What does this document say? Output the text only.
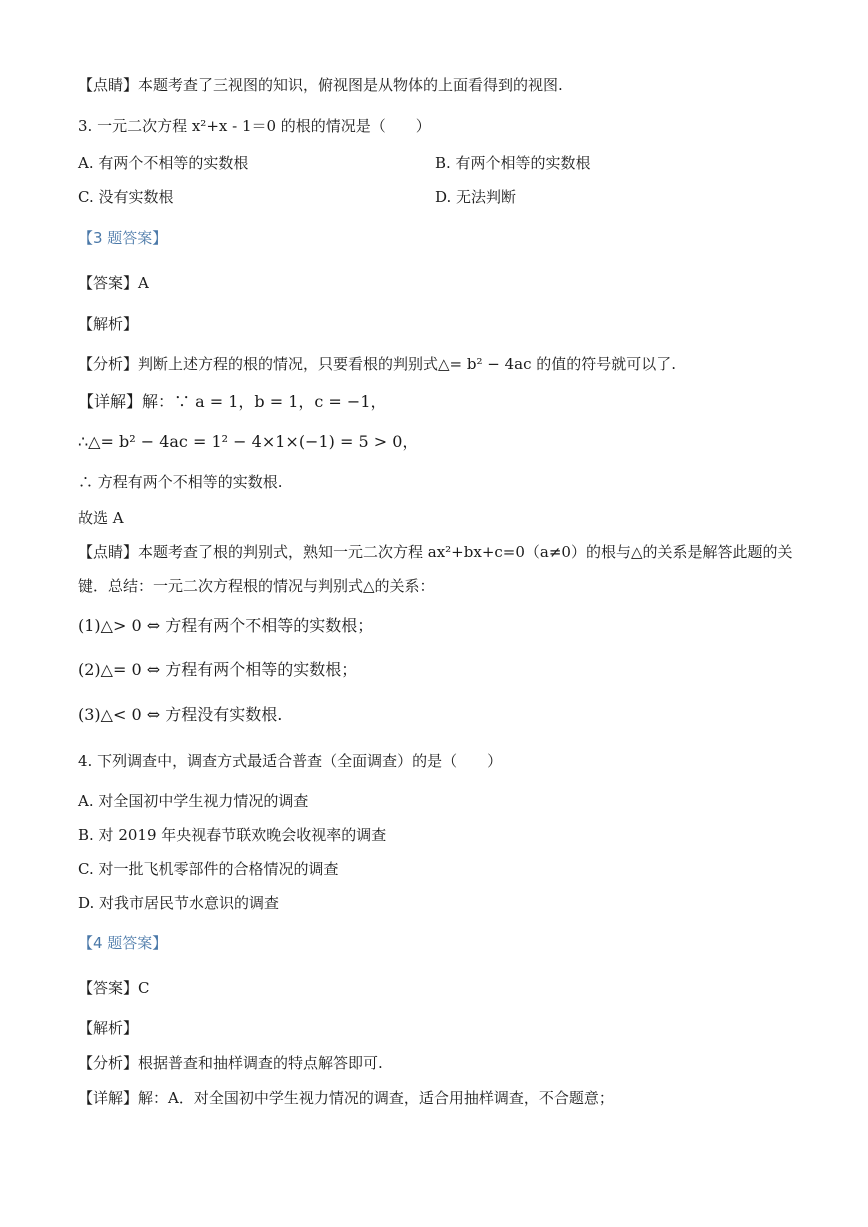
【点睛】本题考查了三视图的知识，俯视图是从物体的上面看得到的视图.
3. 一元二次方程 x²+x - 1＝0 的根的情况是（　　）
A. 有两个不相等的实数根	B. 有两个相等的实数根
C. 没有实数根	D. 无法判断
【3 题答案】
【答案】A
【解析】
【分析】判断上述方程的根的情况，只要看根的判别式△= b² − 4ac 的值的符号就可以了.
【详解】解：∵ a = 1，b = 1，c = −1，
∴△= b² − 4ac = 1² − 4×1×(−1) = 5 > 0，
∴ 方程有两个不相等的实数根.
故选 A
【点睛】本题考查了根的判别式，熟知一元二次方程 ax²+bx+c=0（a≠0）的根与△的关系是解答此题的关
键．总结：一元二次方程根的情况与判别式△的关系：
(1)△> 0 ⇔ 方程有两个不相等的实数根；
(2)△= 0 ⇔ 方程有两个相等的实数根；
(3)△< 0 ⇔ 方程没有实数根.
4. 下列调查中，调查方式最适合普查（全面调查）的是（　　）
A. 对全国初中学生视力情况的调查
B. 对 2019 年央视春节联欢晚会收视率的调查
C. 对一批飞机零部件的合格情况的调查
D. 对我市居民节水意识的调查
【4 题答案】
【答案】C
【解析】
【分析】根据普查和抽样调查的特点解答即可.
【详解】解：A．对全国初中学生视力情况的调查，适合用抽样调查，不合题意；
